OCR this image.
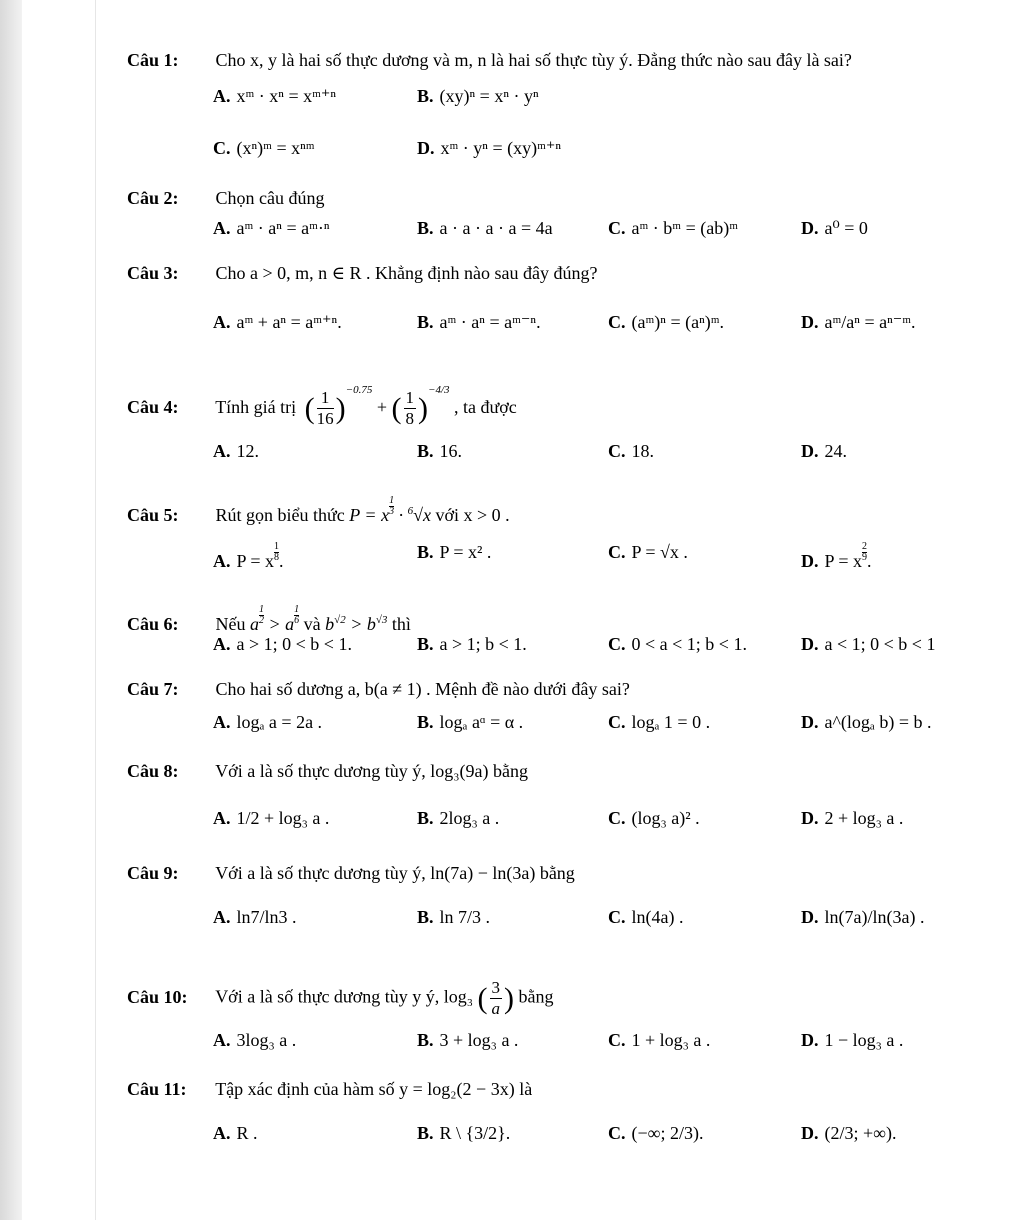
Câu 1: Cho x, y là hai số thực dương và m, n là hai số thực tùy ý. Đẳng thức nào sau đây là sai?
A. xᵐ · xⁿ = xᵐ⁺ⁿ	B. (xy)ⁿ = xⁿ · yⁿ
C. (xⁿ)ᵐ = xⁿᵐ	D. xᵐ · yⁿ = (xy)ᵐ⁺ⁿ
Câu 2: Chọn câu đúng
A. aᵐ · aⁿ = aᵐ·ⁿ	B. a · a · a · a = 4a	C. aᵐ · bᵐ = (ab)ᵐ	D. a⁰ = 0
Câu 3: Cho a > 0, m, n ∈ R . Khẳng định nào sau đây đúng?
A. aᵐ + aⁿ = aᵐ⁺ⁿ.	B. aᵐ · aⁿ = aᵐ⁻ⁿ.	C. (aᵐ)ⁿ = (aⁿ)ᵐ.	D. aᵐ/aⁿ = aⁿ⁻ᵐ.
Câu 4: Tính giá trị ( $\frac{1}{16} )^{-0.75}$ + ( $\frac{1}{8} )^{-4/3}$ , ta được
A. 12.	B. 16.	C. 18.	D. 24.
Câu 5: Rút gọn biểu thức P = x $\frac{1}{3} \cdot ^6√x$ với x > 0 .
A. P = x $\frac{1}{8}$.	B. P = x² .	C. P = √x .	D. P = x $\frac{2}{9}$.
Câu 6: Nếu a $\frac{1}{2} > a \frac{1}{6}$ và $b^{√2} > b^{√3}$ thì
A. a > 1; 0 < b < 1.	B. a > 1; b < 1.	C. 0 < a < 1; b < 1.	D. a < 1; 0 < b < 1
Câu 7: Cho hai số dương a, b(a ≠ 1) . Mệnh đề nào dưới đây sai?
A. logₐ a = 2a .	B. logₐ aᵅ = α .	C. logₐ 1 = 0 .	D. a^(logₐ b) = b .
Câu 8: Với a là số thực dương tùy ý, log₃(9a) bằng
A. 1/2 + log₃ a .	B. 2log₃ a .	C. (log₃ a)² .	D. 2 + log₃ a .
Câu 9: Với a là số thực dương tùy ý, ln(7a) − ln(3a) bằng
A. ln7/ln3 .	B. ln 7/3 .	C. ln(4a) .	D. ln(7a)/ln(3a) .
Câu 10: Với a là số thực dương tùy y ý, log₃ ( $\frac{3}{a}$ ) bằng
A. 3log₃ a .	B. 3 + log₃ a .	C. 1 + log₃ a .	D. 1 − log₃ a .
Câu 11: Tập xác định của hàm số y = log₂(2 − 3x) là
A. R .	B. R \ {3/2}.	C. (−∞; 2/3).	D. (2/3; +∞).
